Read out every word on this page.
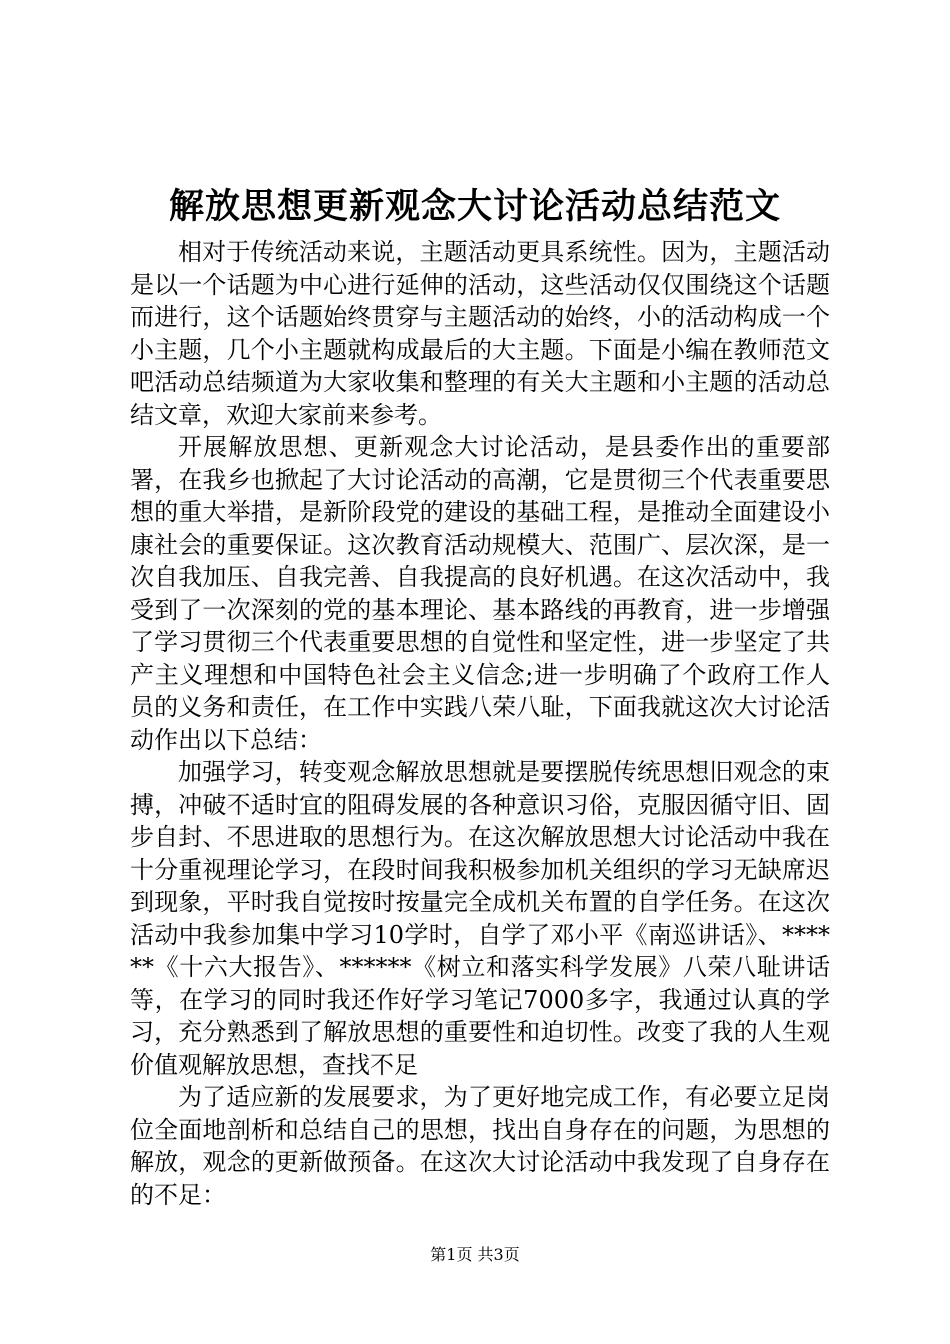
解放思想更新观念大讨论活动总结范文

相对于传统活动来说，主题活动更具系统性。因为，主题活动是以一个话题为中心进行延伸的活动，这些活动仅仅围绕这个话题而进行，这个话题始终贯穿与主题活动的始终，小的活动构成一个小主题，几个小主题就构成最后的大主题。下面是小编在教师范文吧活动总结频道为大家收集和整理的有关大主题和小主题的活动总结文章，欢迎大家前来参考。

开展解放思想、更新观念大讨论活动，是县委作出的重要部署，在我乡也掀起了大讨论活动的高潮，它是贯彻三个代表重要思想的重大举措，是新阶段党的建设的基础工程，是推动全面建设小康社会的重要保证。这次教育活动规模大、范围广、层次深，是一次自我加压、自我完善、自我提高的良好机遇。在这次活动中，我受到了一次深刻的党的基本理论、基本路线的再教育，进一步增强了学习贯彻三个代表重要思想的自觉性和坚定性，进一步坚定了共产主义理想和中国特色社会主义信念;进一步明确了个政府工作人员的义务和责任，在工作中实践八荣八耻，下面我就这次大讨论活动作出以下总结：

加强学习，转变观念解放思想就是要摆脱传统思想旧观念的束搏，冲破不适时宜的阻碍发展的各种意识习俗，克服因循守旧、固步自封、不思进取的思想行为。在这次解放思想大讨论活动中我在十分重视理论学习，在段时间我积极参加机关组织的学习无缺席迟到现象，平时我自觉按时按量完全成机关布置的自学任务。在这次活动中我参加集中学习10学时，自学了邓小平《南巡讲话》、******《十六大报告》、******《树立和落实科学发展》八荣八耻讲话等，在学习的同时我还作好学习笔记7000多字，我通过认真的学习，充分熟悉到了解放思想的重要性和迫切性。改变了我的人生观价值观解放思想，查找不足

为了适应新的发展要求，为了更好地完成工作，有必要立足岗位全面地剖析和总结自己的思想，找出自身存在的问题，为思想的解放，观念的更新做预备。在这次大讨论活动中我发现了自身存在的不足：

第1页 共3页
